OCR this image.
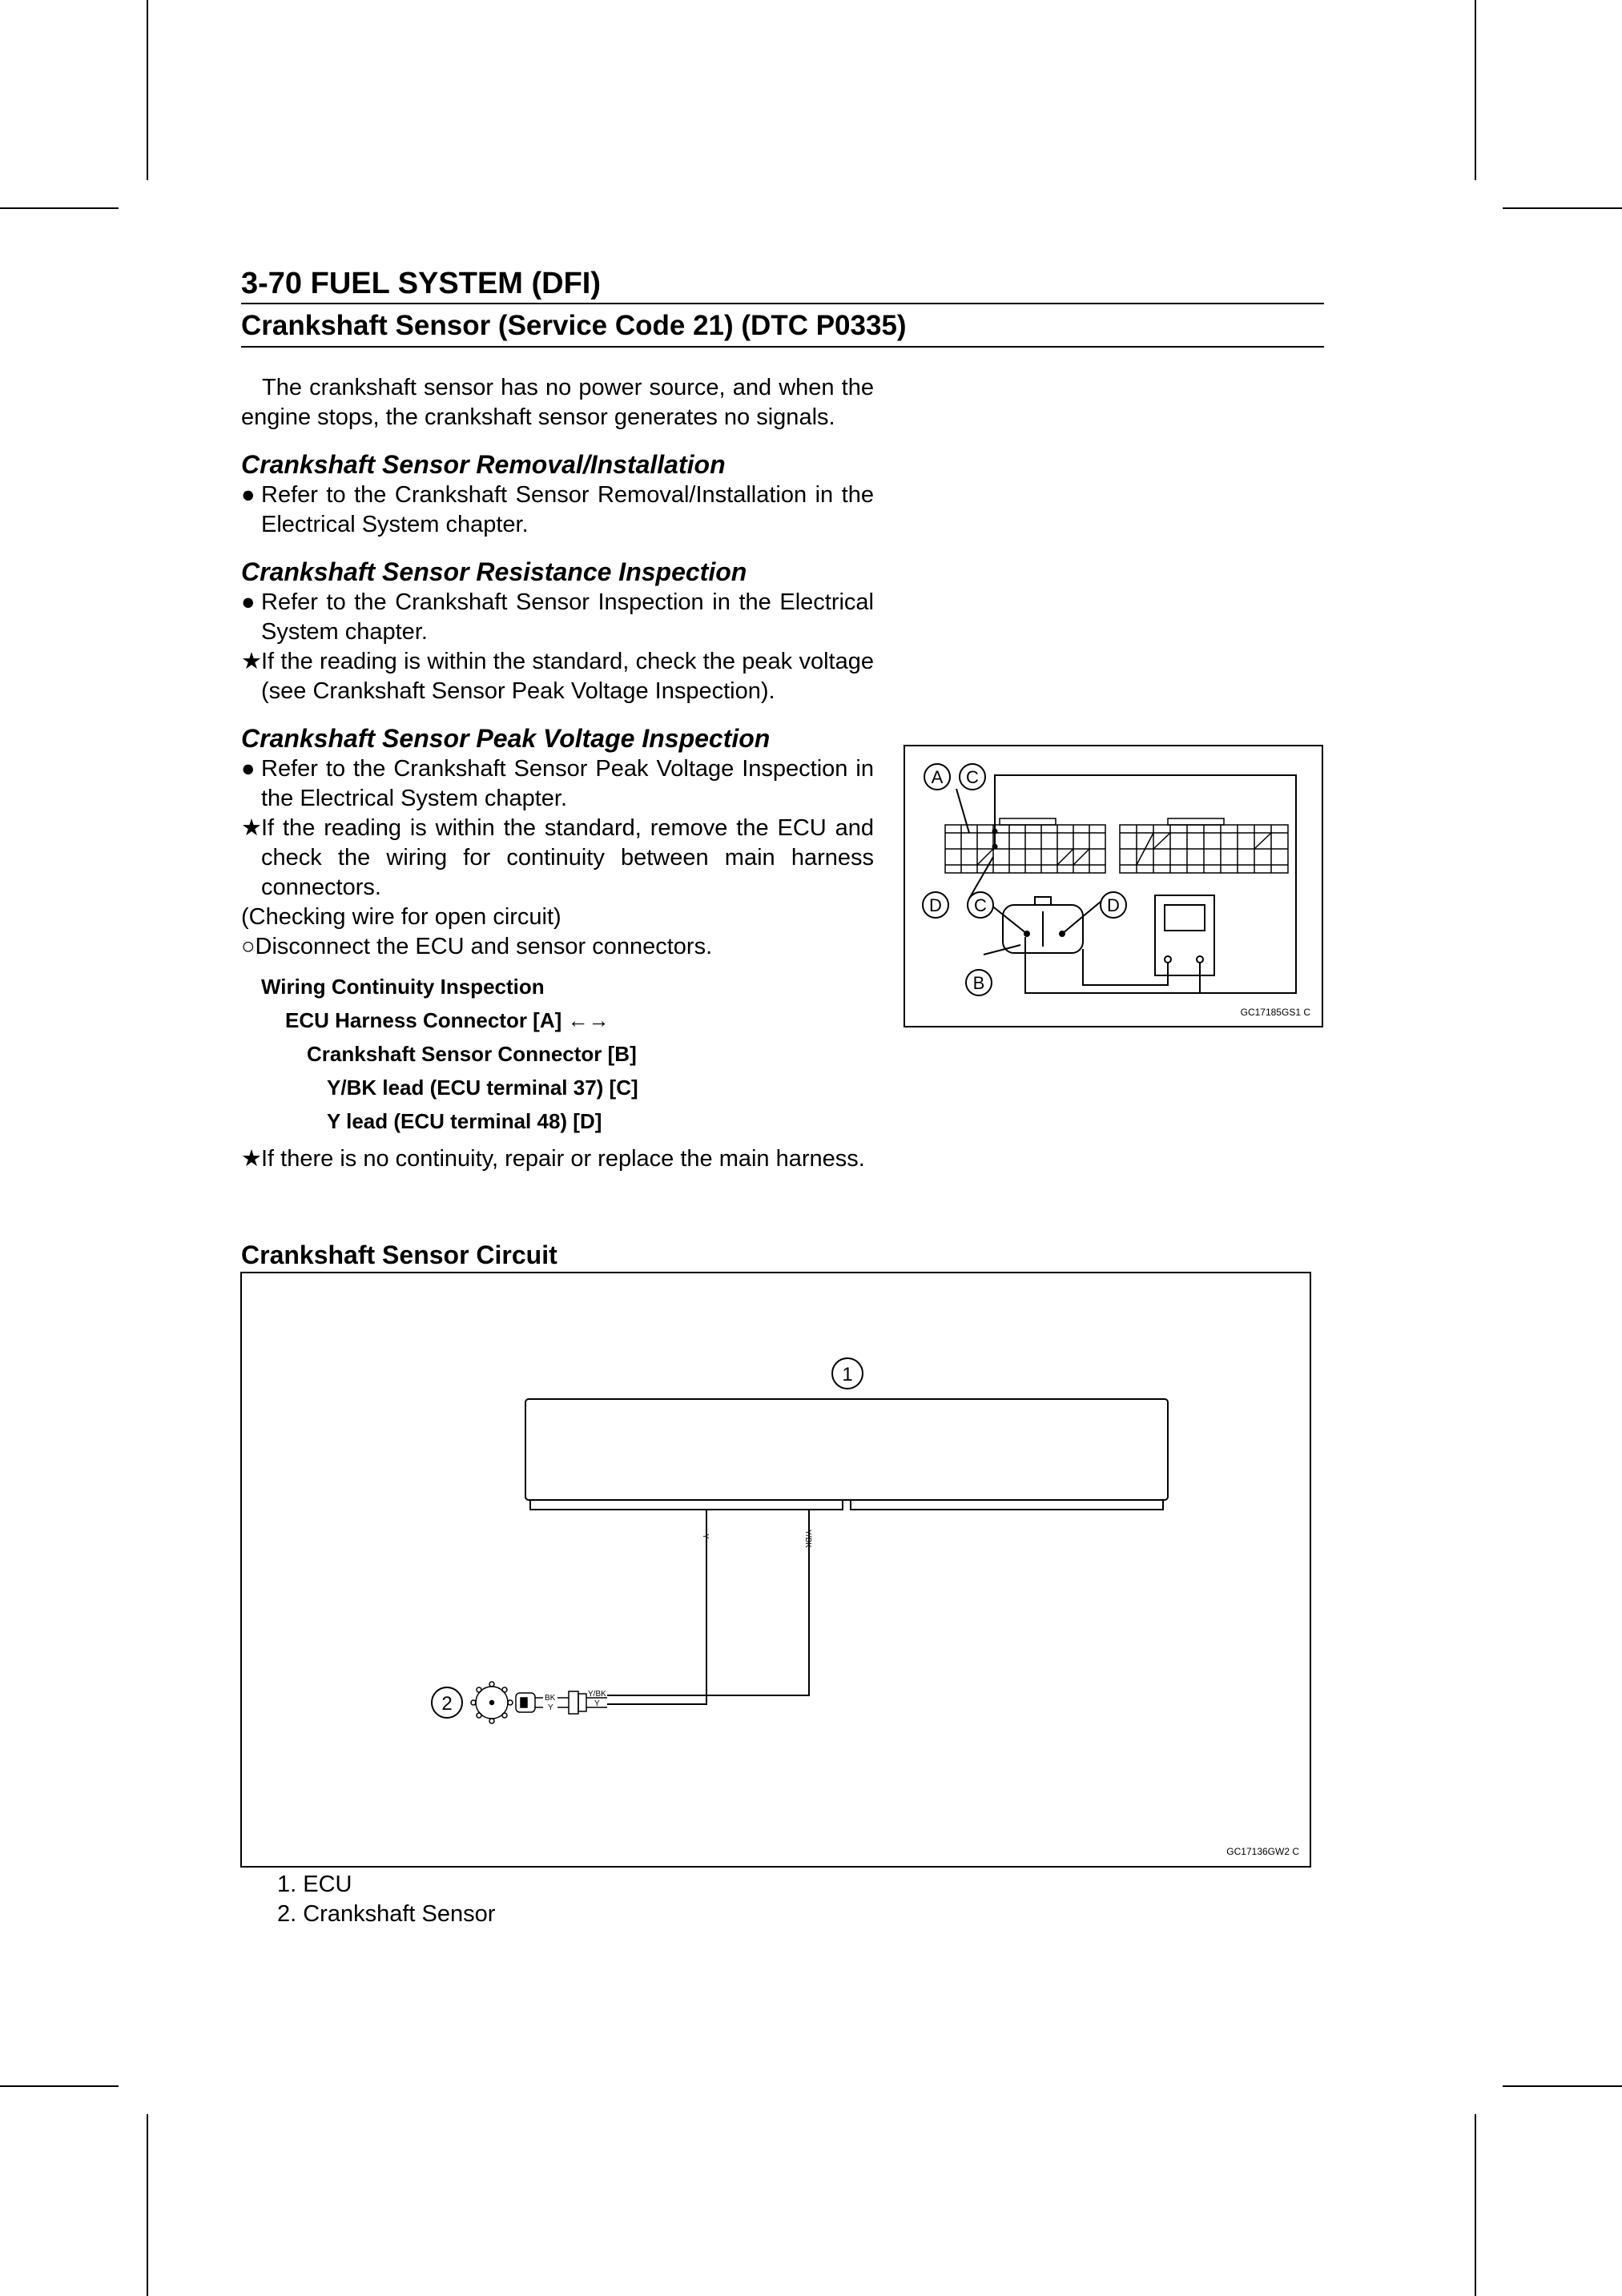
3-70 FUEL SYSTEM (DFI)
Crankshaft Sensor (Service Code 21) (DTC P0335)

The crankshaft sensor has no power source, and when the engine stops, the crankshaft sensor generates no signals.

Crankshaft Sensor Removal/Installation

● Refer to the Crankshaft Sensor Removal/Installation in the Electrical System chapter.

Crankshaft Sensor Resistance Inspection

● Refer to the Crankshaft Sensor Inspection in the Electrical System chapter.

★ If the reading is within the standard, check the peak voltage (see Crankshaft Sensor Peak Voltage Inspection).

Crankshaft Sensor Peak Voltage Inspection

● Refer to the Crankshaft Sensor Peak Voltage Inspection in the Electrical System chapter.

★ If the reading is within the standard, remove the ECU and check the wiring for continuity between main harness connectors.

(Checking wire for open circuit)

○Disconnect the ECU and sensor connectors.

Wiring Continuity Inspection
ECU Harness Connector [A] ←→
Crankshaft Sensor Connector [B]
Y/BK lead (ECU terminal 37) [C]
Y lead (ECU terminal 48) [D]

★ If there is no continuity, repair or replace the main harness.

A C
D C	D
B
GC17185GS1 C
Crankshaft Sensor Circuit
1
Y	Y/BK
2	BK
Y
Y/BK
Y
GC17136GW2 C
1. ECU
2. Crankshaft Sensor
